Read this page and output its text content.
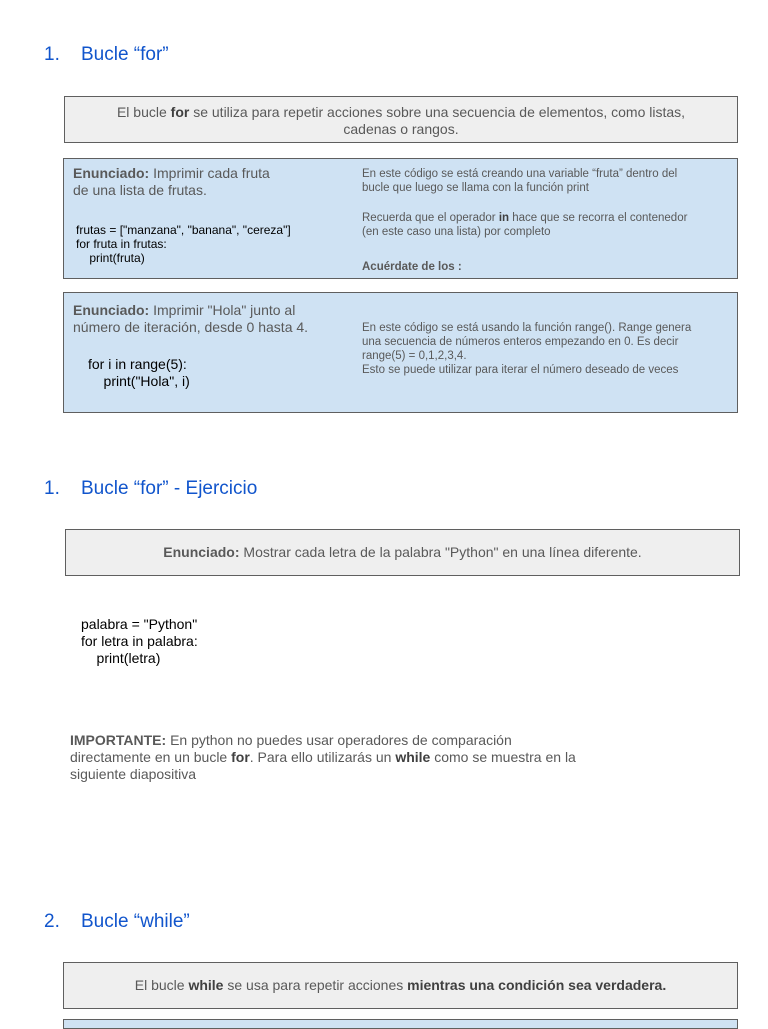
1. Bucle “for”
El bucle for se utiliza para repetir acciones sobre una secuencia de elementos, como listas,
cadenas o rangos.
Enunciado: Imprimir cada fruta
de una lista de frutas.
frutas = ["manzana", "banana", "cereza"]
for fruta in frutas:
print(fruta)
En este código se está creando una variable “fruta” dentro del
bucle que luego se llama con la función print
Recuerda que el operador in hace que se recorra el contenedor
(en este caso una lista) por completo
Acuérdate de los :
Enunciado: Imprimir "Hola" junto al
número de iteración, desde 0 hasta 4.
for i in range(5):
print("Hola", i)
En este código se está usando la función range(). Range genera
una secuencia de números enteros empezando en 0. Es decir
range(5) = 0,1,2,3,4.
Esto se puede utilizar para iterar el número deseado de veces
1. Bucle “for” - Ejercicio
Enunciado: Mostrar cada letra de la palabra "Python" en una línea diferente.
palabra = "Python"
for letra in palabra:
print(letra)
IMPORTANTE: En python no puedes usar operadores de comparación
directamente en un bucle for. Para ello utilizarás un while como se muestra en la
siguiente diapositiva
2. Bucle “while”
El bucle while se usa para repetir acciones mientras una condición sea verdadera.
